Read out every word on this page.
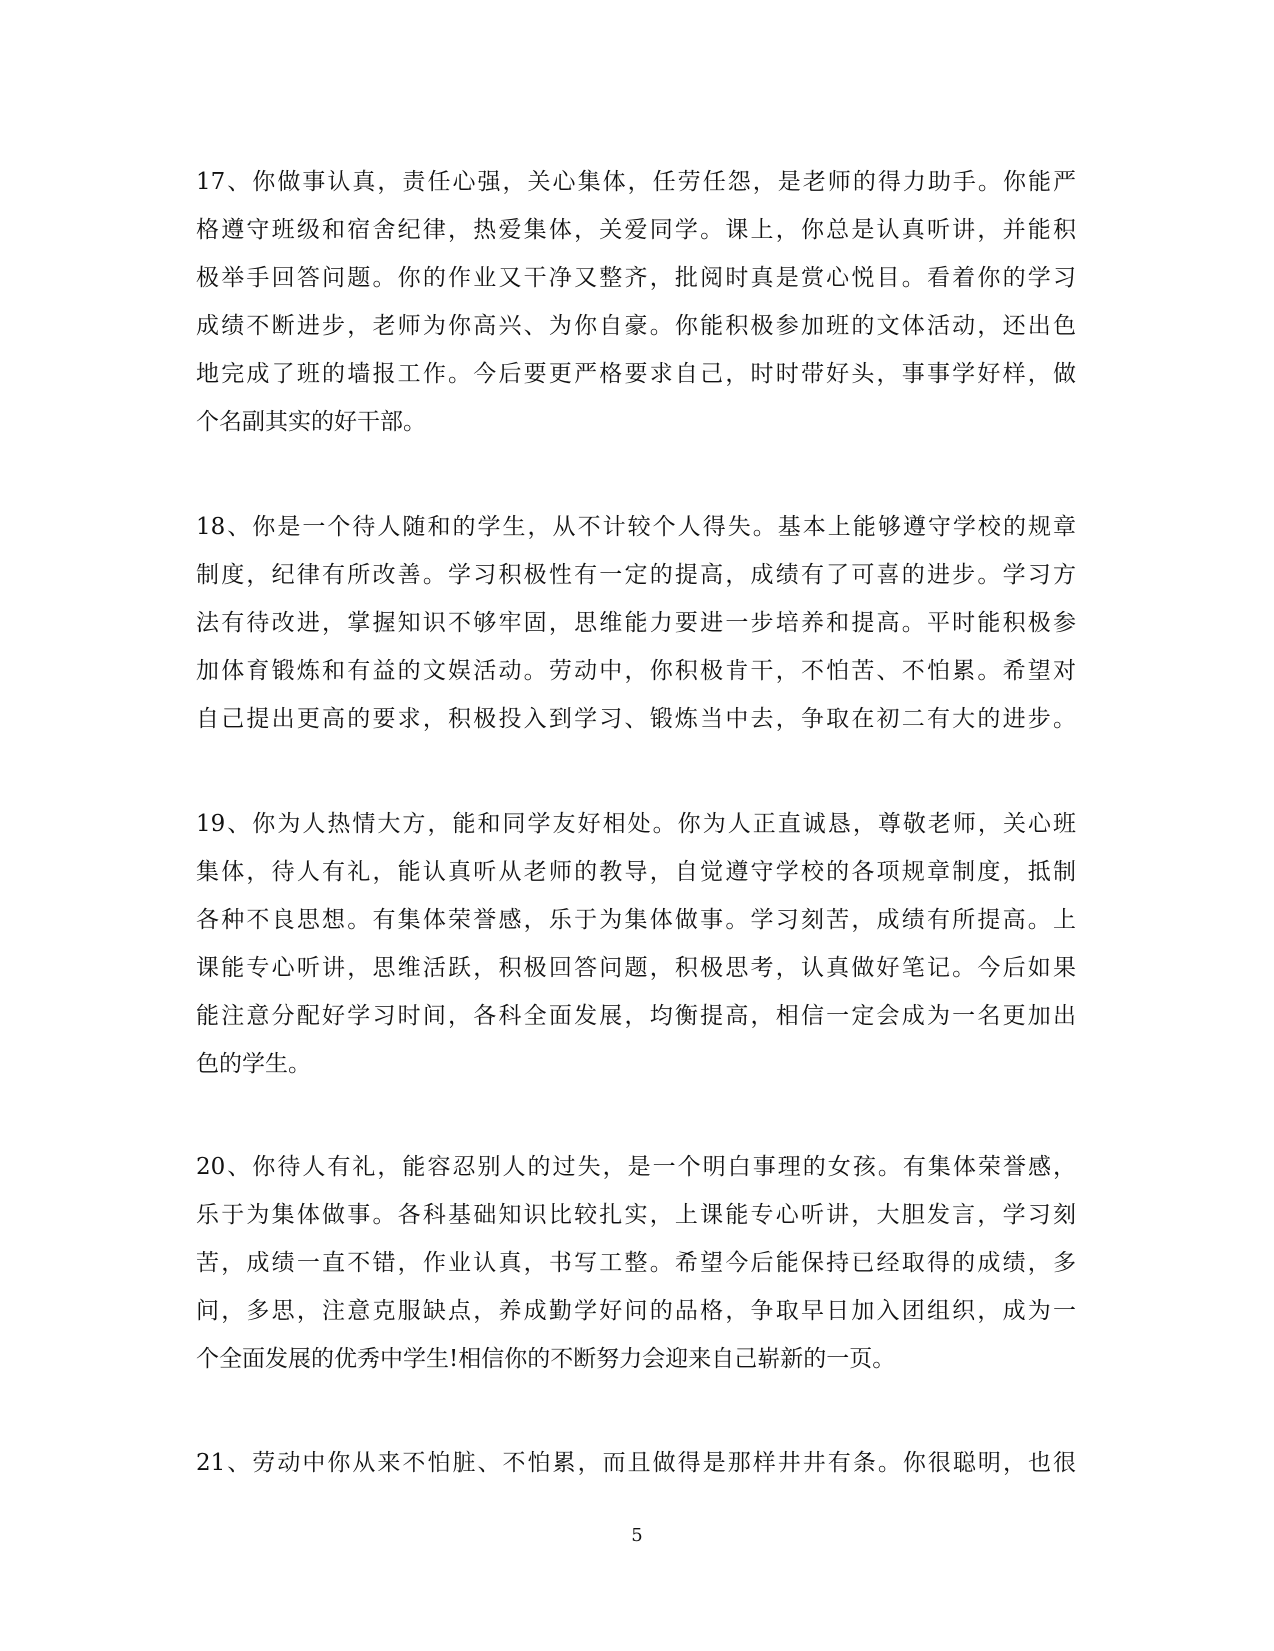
17、你做事认真，责任心强，关心集体，任劳任怨，是老师的得力助手。你能严
格遵守班级和宿舍纪律，热爱集体，关爱同学。课上，你总是认真听讲，并能积
极举手回答问题。你的作业又干净又整齐，批阅时真是赏心悦目。看着你的学习
成绩不断进步，老师为你高兴、为你自豪。你能积极参加班的文体活动，还出色
地完成了班的墙报工作。今后要更严格要求自己，时时带好头，事事学好样，做
个名副其实的好干部。
18、你是一个待人随和的学生，从不计较个人得失。基本上能够遵守学校的规章
制度，纪律有所改善。学习积极性有一定的提高，成绩有了可喜的进步。学习方
法有待改进，掌握知识不够牢固，思维能力要进一步培养和提高。平时能积极参
加体育锻炼和有益的文娱活动。劳动中，你积极肯干，不怕苦、不怕累。希望对
自己提出更高的要求，积极投入到学习、锻炼当中去，争取在初二有大的进步。
19、你为人热情大方，能和同学友好相处。你为人正直诚恳，尊敬老师，关心班
集体，待人有礼，能认真听从老师的教导，自觉遵守学校的各项规章制度，抵制
各种不良思想。有集体荣誉感，乐于为集体做事。学习刻苦，成绩有所提高。上
课能专心听讲，思维活跃，积极回答问题，积极思考，认真做好笔记。今后如果
能注意分配好学习时间，各科全面发展，均衡提高，相信一定会成为一名更加出
色的学生。
20、你待人有礼，能容忍别人的过失，是一个明白事理的女孩。有集体荣誉感，
乐于为集体做事。各科基础知识比较扎实，上课能专心听讲，大胆发言，学习刻
苦，成绩一直不错，作业认真，书写工整。希望今后能保持已经取得的成绩，多
问，多思，注意克服缺点，养成勤学好问的品格，争取早日加入团组织，成为一
个全面发展的优秀中学生!相信你的不断努力会迎来自己崭新的一页。
21、劳动中你从来不怕脏、不怕累，而且做得是那样井井有条。你很聪明，也很
5
